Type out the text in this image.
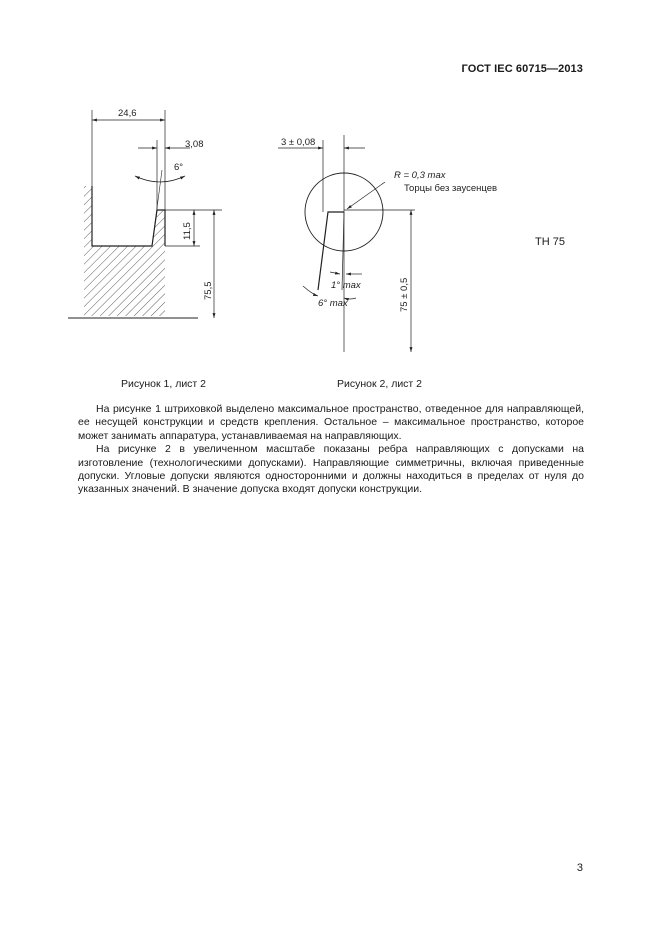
ГОСТ IEC 60715—2013
24,6
3,08
6°
11,5
75,5
3 ± 0,08
R = 0,3 max
Торцы без заусенцев
1° max
6° max	75 ± 0,5
ТН 75
Рисунок 1, лист 2	Рисунок 2, лист 2

На рисунке 1 штриховкой выделено максимальное пространство, отведенное для направляющей, ее несущей конструкции и средств крепления. Остальное – максимальное пространство, которое может занимать аппаратура, устанавливаемая на направляющих.

На рисунке 2 в увеличенном масштабе показаны ребра направляющих с допусками на изготовление (технологическими допусками). Направляющие симметричны, включая приведенные допуски. Угловые допуски являются односторонними и должны находиться в пределах от нуля до указанных значений. В значение допуска входят допуски конструкции.

3
